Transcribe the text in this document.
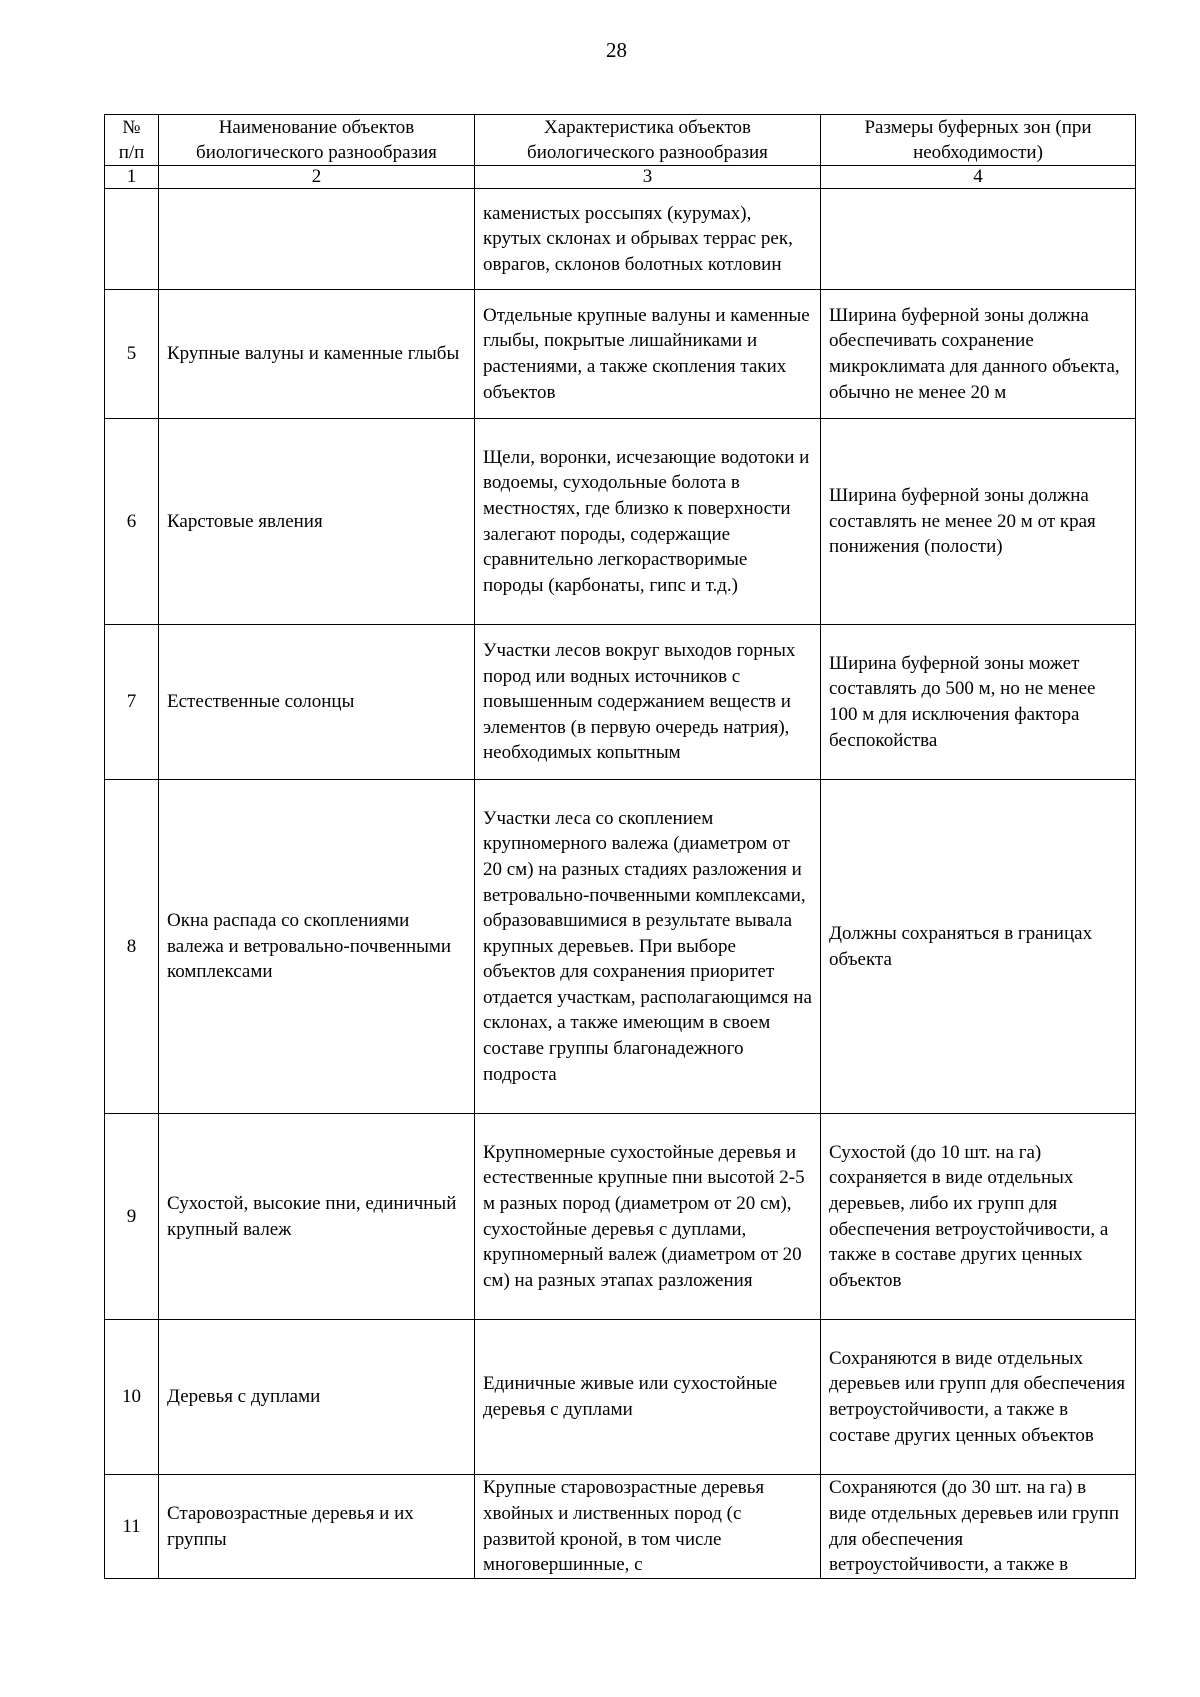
28
№ п/п	Наименование объектов биологического разнообразия	Характеристика объектов биологического разнообразия	Размеры буферных зон (при необходимости)
1	2	3	4
		каменистых россыпях (курумах), крутых склонах и обрывах террас рек, оврагов, склонов болотных котловин	
5	Крупные валуны и каменные глыбы	Отдельные крупные валуны и каменные глыбы, покрытые лишайниками и растениями, а также скопления таких объектов	Ширина буферной зоны должна обеспечивать сохранение микроклимата для данного объекта, обычно не менее 20 м
6	Карстовые явления	Щели, воронки, исчезающие водотоки и водоемы, суходольные болота в местностях, где близко к поверхности залегают породы, содержащие сравнительно легкорастворимые породы (карбонаты, гипс и т.д.)	Ширина буферной зоны должна составлять не менее 20 м от края понижения (полости)
7	Естественные солонцы	Участки лесов вокруг выходов горных пород или водных источников с повышенным содержанием веществ и элементов (в первую очередь натрия), необходимых копытным	Ширина буферной зоны может составлять до 500 м, но не менее 100 м для исключения фактора беспокойства
8	Окна распада со скоплениями валежа и ветровально-почвенными комплексами	Участки леса со скоплением крупномерного валежа (диаметром от 20 см) на разных стадиях разложения и ветровально-почвенными комплексами, образовавшимися в результате вывала крупных деревьев. При выборе объектов для сохранения приоритет отдается участкам, располагающимся на склонах, а также имеющим в своем составе группы благонадежного подроста	Должны сохраняться в границах объекта
9	Сухостой, высокие пни, единичный крупный валеж	Крупномерные сухостойные деревья и естественные крупные пни высотой 2-5 м разных пород (диаметром от 20 см), сухостойные деревья с дуплами, крупномерный валеж (диаметром от 20 см) на разных этапах разложения	Сухостой (до 10 шт. на га) сохраняется в виде отдельных деревьев, либо их групп для обеспечения ветроустойчивости, а также в составе других ценных объектов
10	Деревья с дуплами	Единичные живые или сухостойные деревья с дуплами	Сохраняются в виде отдельных деревьев или групп для обеспечения ветроустойчивости, а также в составе других ценных объектов
11	Старовозрастные деревья и их группы	Крупные старовозрастные деревья хвойных и лиственных пород (с развитой кроной, в том числе многовершинные, с	Сохраняются (до 30 шт. на га) в виде отдельных деревьев или групп для обеспечения ветроустойчивости, а также в
